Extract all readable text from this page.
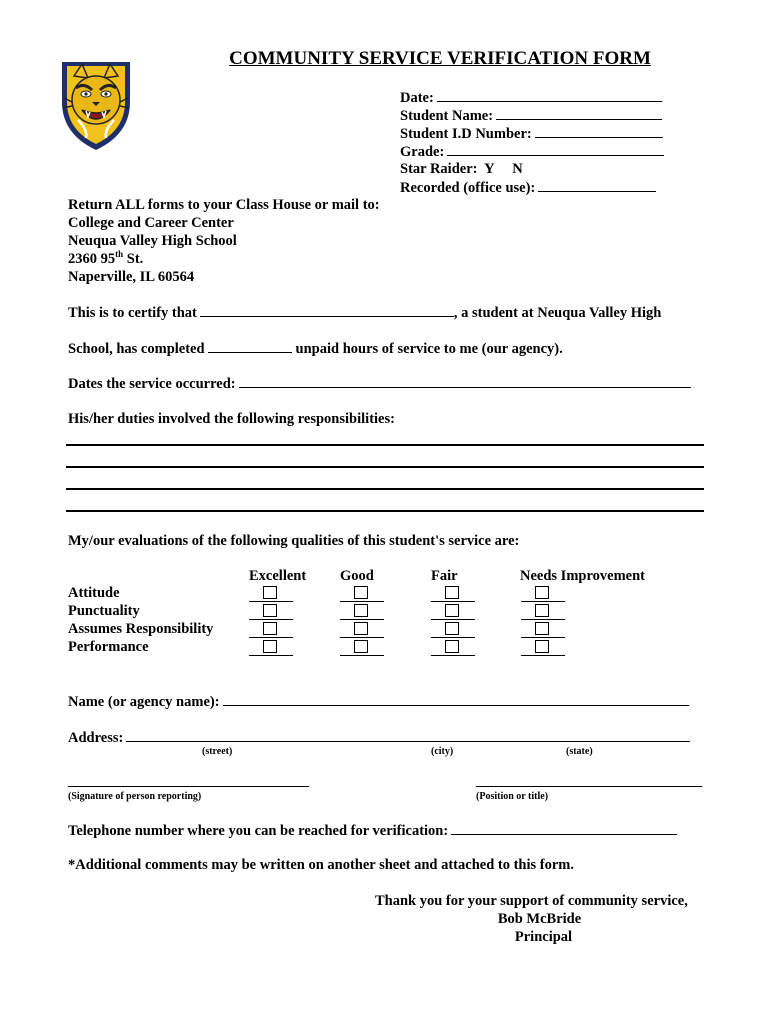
COMMUNITY SERVICE VERIFICATION FORM
Date:
Student Name:
Student I.D Number:
Grade:
Star Raider:  Y     N
Recorded (office use):
Return ALL forms to your Class House or mail to:
College and Career Center
Neuqua Valley High School
2360 95th St.
Naperville, IL 60564
This is to certify that	, a student at Neuqua Valley High
School, has completed	unpaid hours of service to me (our agency).
Dates the service occurred:
His/her duties involved the following responsibilities:
My/our evaluations of the following qualities of this student's service are:
Excellent Good	Fair	Needs Improvement
Attitude
Punctuality
Assumes Responsibility
Performance
Name (or agency name):
Address:
(street)	(city)	(state)
(Signature of person reporting)	(Position or title)
Telephone number where you can be reached for verification:
*Additional comments may be written on another sheet and attached to this form.
Thank you for your support of community service,
Bob McBride
Principal
